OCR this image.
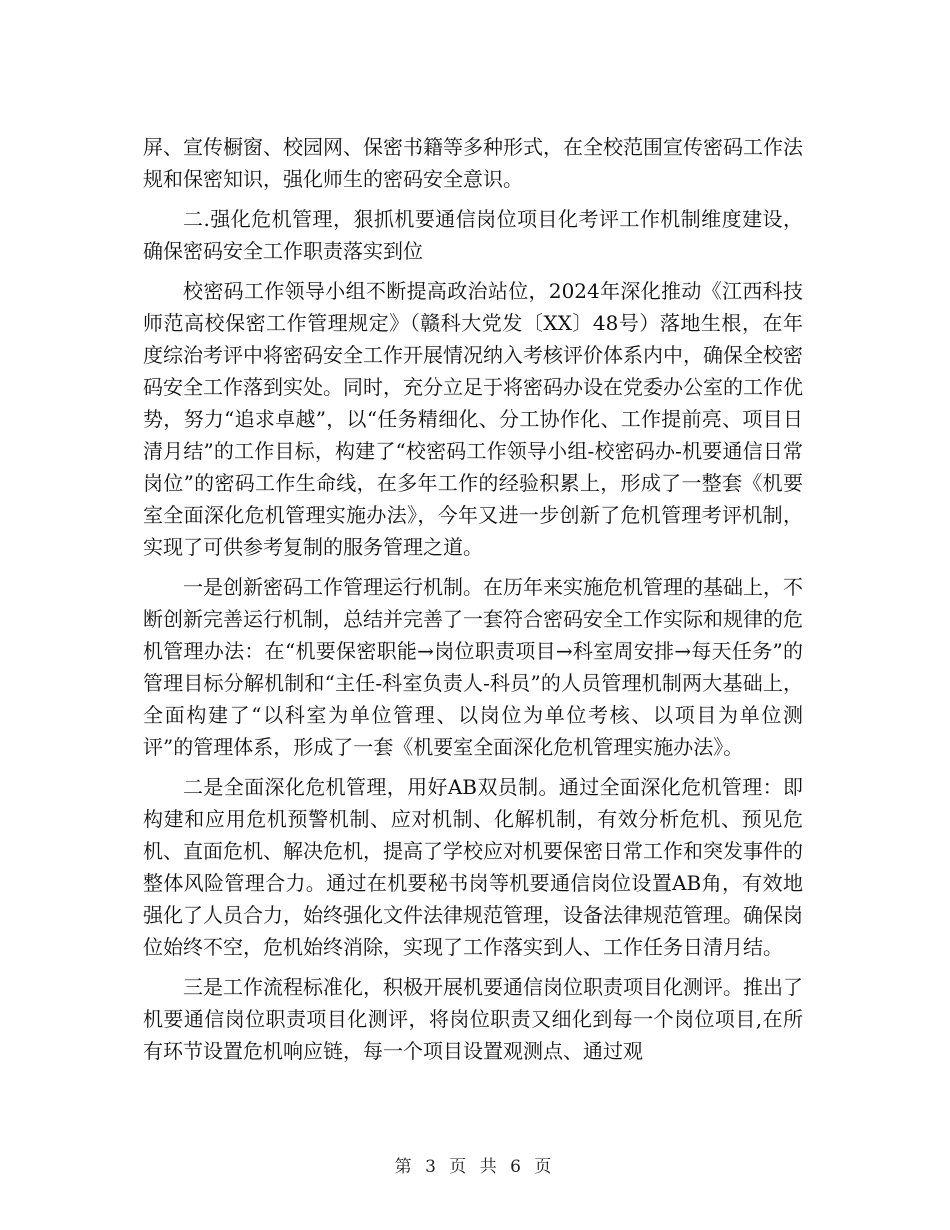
屏、宣传橱窗、校园网、保密书籍等多种形式，在全校范围宣传密码工作法规和保密知识，强化师生的密码安全意识。

二.强化危机管理，狠抓机要通信岗位项目化考评工作机制维度建设，确保密码安全工作职责落实到位

校密码工作领导小组不断提高政治站位，2024年深化推动《江西科技师范高校保密工作管理规定》（赣科大党发〔XX〕48号）落地生根，在年度综治考评中将密码安全工作开展情况纳入考核评价体系内中，确保全校密码安全工作落到实处。同时，充分立足于将密码办设在党委办公室的工作优势，努力“追求卓越”，以“任务精细化、分工协作化、工作提前亮、项目日清月结”的工作目标，构建了“校密码工作领导小组-校密码办-机要通信日常岗位”的密码工作生命线，在多年工作的经验积累上，形成了一整套《机要室全面深化危机管理实施办法》，今年又进一步创新了危机管理考评机制，实现了可供参考复制的服务管理之道。

一是创新密码工作管理运行机制。在历年来实施危机管理的基础上，不断创新完善运行机制，总结并完善了一套符合密码安全工作实际和规律的危机管理办法：在“机要保密职能→岗位职责项目→科室周安排→每天任务”的管理目标分解机制和“主任-科室负责人-科员”的人员管理机制两大基础上，全面构建了“以科室为单位管理、以岗位为单位考核、以项目为单位测评”的管理体系，形成了一套《机要室全面深化危机管理实施办法》。

二是全面深化危机管理，用好AB双员制。通过全面深化危机管理：即构建和应用危机预警机制、应对机制、化解机制，有效分析危机、预见危机、直面危机、解决危机，提高了学校应对机要保密日常工作和突发事件的整体风险管理合力。通过在机要秘书岗等机要通信岗位设置AB角，有效地强化了人员合力，始终强化文件法律规范管理，设备法律规范管理。确保岗位始终不空，危机始终消除，实现了工作落实到人、工作任务日清月结。

三是工作流程标准化，积极开展机要通信岗位职责项目化测评。推出了机要通信岗位职责项目化测评，将岗位职责又细化到每一个岗位项目,在所有环节设置危机响应链，每一个项目设置观测点、通过观

第 3 页 共 6 页
